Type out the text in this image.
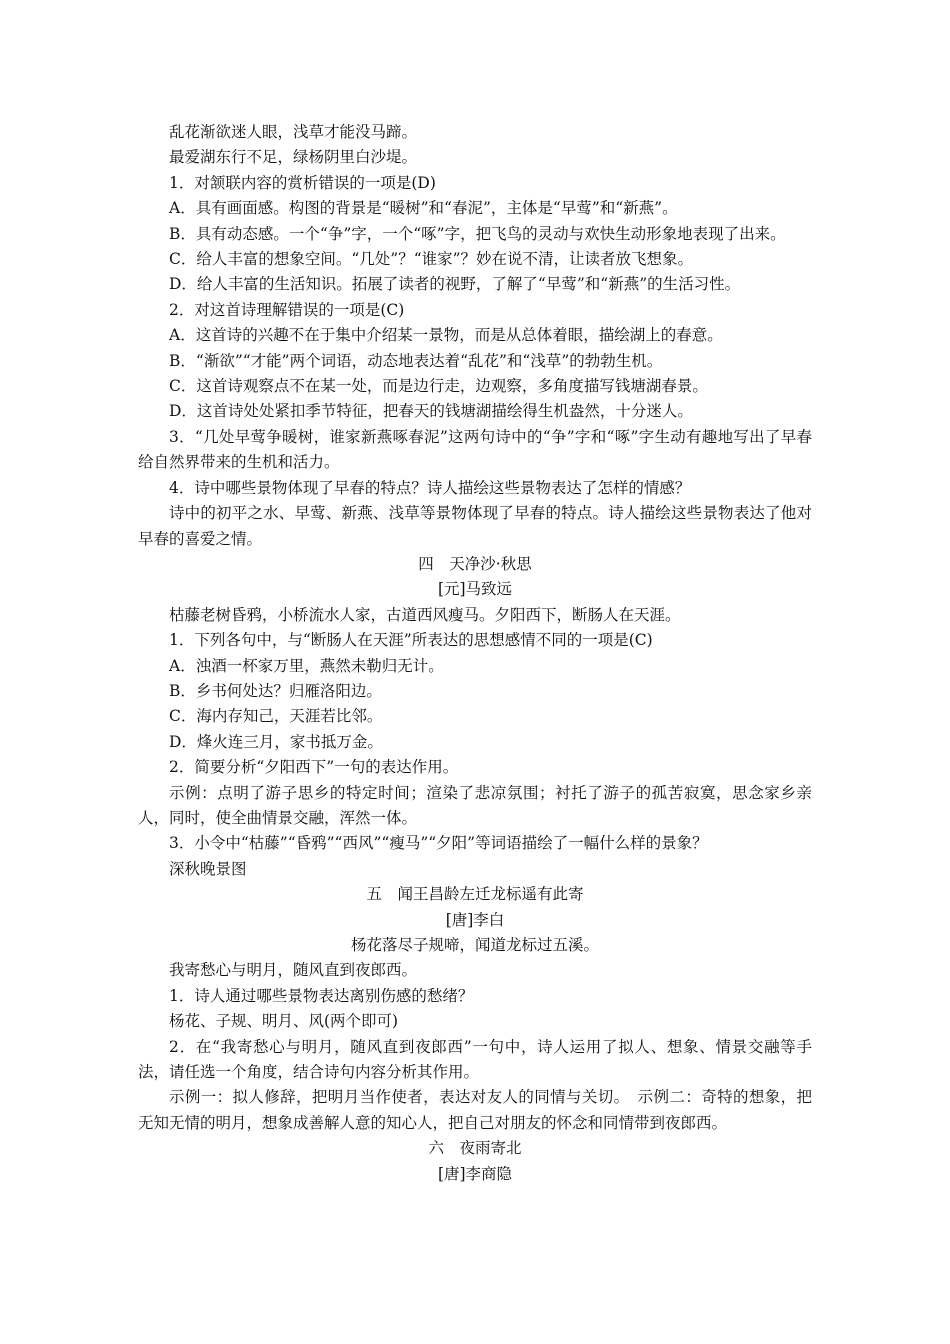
乱花渐欲迷人眼，浅草才能没马蹄。
最爱湖东行不足，绿杨阴里白沙堤。
1．对颔联内容的赏析错误的一项是(D)
A．具有画面感。构图的背景是“暖树”和“春泥”，主体是“早莺”和“新燕”。
B．具有动态感。一个“争”字，一个“啄”字，把飞鸟的灵动与欢快生动形象地表现了出来。
C．给人丰富的想象空间。“几处”？“谁家”？妙在说不清，让读者放飞想象。
D．给人丰富的生活知识。拓展了读者的视野，了解了“早莺”和“新燕”的生活习性。
2．对这首诗理解错误的一项是(C)
A．这首诗的兴趣不在于集中介绍某一景物，而是从总体着眼，描绘湖上的春意。
B．“渐欲”“才能”两个词语，动态地表达着“乱花”和“浅草”的勃勃生机。
C．这首诗观察点不在某一处，而是边行走，边观察，多角度描写钱塘湖春景。
D．这首诗处处紧扣季节特征，把春天的钱塘湖描绘得生机盎然，十分迷人。
3．“几处早莺争暖树，谁家新燕啄春泥”这两句诗中的“争”字和“啄”字生动有趣地写出了早春给自然界带来的生机和活力。
4．诗中哪些景物体现了早春的特点？诗人描绘这些景物表达了怎样的情感？
诗中的初平之水、早莺、新燕、浅草等景物体现了早春的特点。诗人描绘这些景物表达了他对早春的喜爱之情。
四　天净沙·秋思
[元]马致远
枯藤老树昏鸦，小桥流水人家，古道西风瘦马。夕阳西下，断肠人在天涯。
1．下列各句中，与“断肠人在天涯”所表达的思想感情不同的一项是(C)
A．浊酒一杯家万里，燕然未勒归无计。
B．乡书何处达？归雁洛阳边。
C．海内存知己，天涯若比邻。
D．烽火连三月，家书抵万金。
2．简要分析“夕阳西下”一句的表达作用。
示例：点明了游子思乡的特定时间；渲染了悲凉氛围；衬托了游子的孤苦寂寞，思念家乡亲人，同时，使全曲情景交融，浑然一体。
3．小令中“枯藤”“昏鸦”“西风”“瘦马”“夕阳”等词语描绘了一幅什么样的景象？
深秋晚景图
五　闻王昌龄左迁龙标遥有此寄
[唐]李白
杨花落尽子规啼，闻道龙标过五溪。
我寄愁心与明月，随风直到夜郎西。
1．诗人通过哪些景物表达离别伤感的愁绪？
杨花、子规、明月、风(两个即可)
2．在“我寄愁心与明月，随风直到夜郎西”一句中，诗人运用了拟人、想象、情景交融等手法，请任选一个角度，结合诗句内容分析其作用。
示例一：拟人修辞，把明月当作使者，表达对友人的同情与关切。　示例二：奇特的想象，把无知无情的明月，想象成善解人意的知心人，把自己对朋友的怀念和同情带到夜郎西。
六　夜雨寄北
[唐]李商隐
